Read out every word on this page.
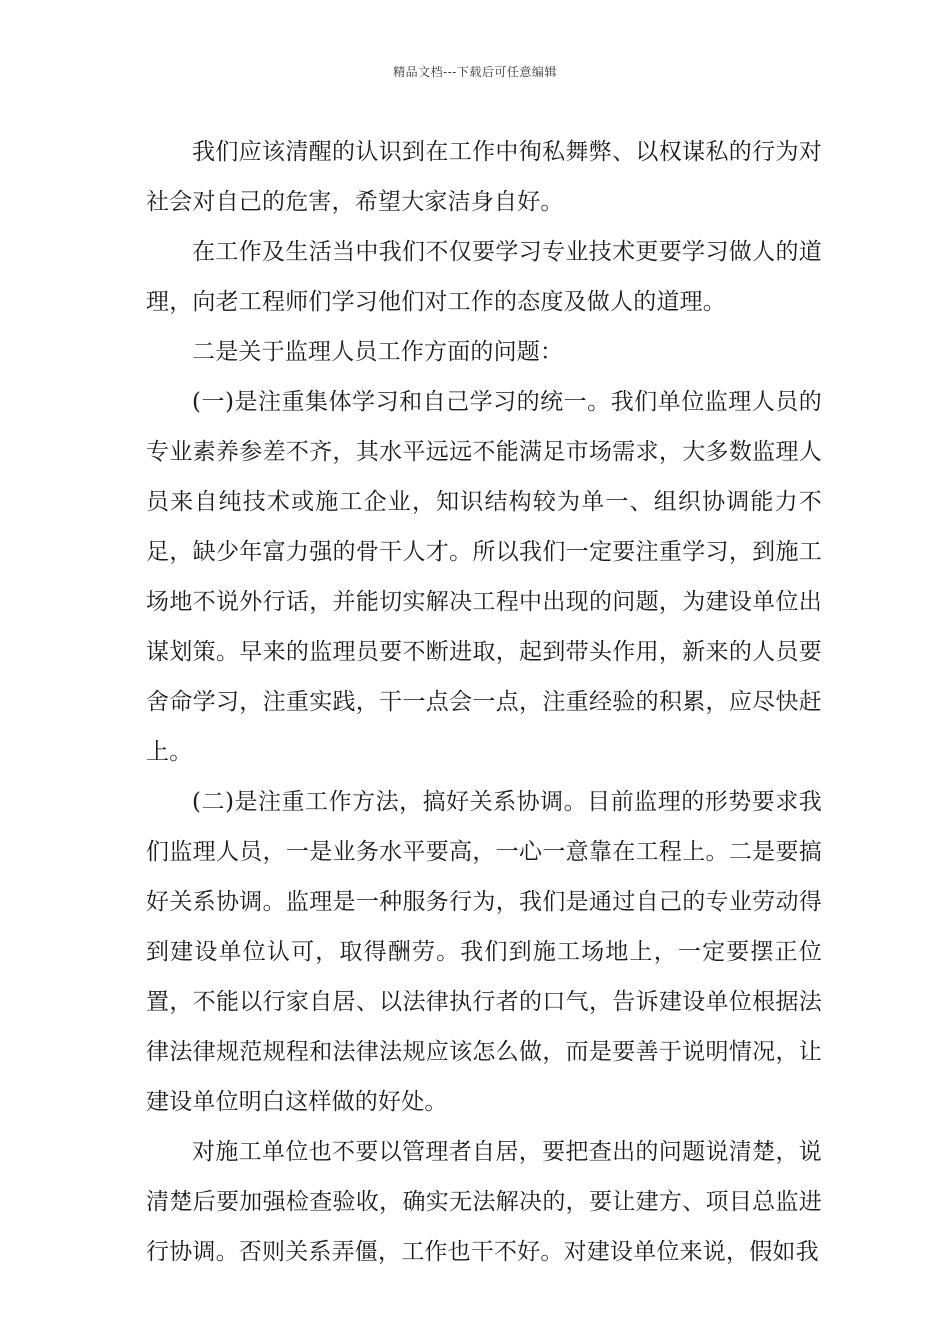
精品文档---下载后可任意编辑

我们应该清醒的认识到在工作中徇私舞弊、以权谋私的行为对社会对自己的危害，希望大家洁身自好。

在工作及生活当中我们不仅要学习专业技术更要学习做人的道理，向老工程师们学习他们对工作的态度及做人的道理。

二是关于监理人员工作方面的问题：

(一)是注重集体学习和自己学习的统一。我们单位监理人员的专业素养参差不齐，其水平远远不能满足市场需求，大多数监理人员来自纯技术或施工企业，知识结构较为单一、组织协调能力不足，缺少年富力强的骨干人才。所以我们一定要注重学习，到施工场地不说外行话，并能切实解决工程中出现的问题，为建设单位出谋划策。早来的监理员要不断进取，起到带头作用，新来的人员要舍命学习，注重实践，干一点会一点，注重经验的积累，应尽快赶上。

(二)是注重工作方法，搞好关系协调。目前监理的形势要求我们监理人员，一是业务水平要高，一心一意靠在工程上。二是要搞好关系协调。监理是一种服务行为，我们是通过自己的专业劳动得到建设单位认可，取得酬劳。我们到施工场地上，一定要摆正位置，不能以行家自居、以法律执行者的口气，告诉建设单位根据法律法律规范规程和法律法规应该怎么做，而是要善于说明情况，让建设单位明白这样做的好处。

对施工单位也不要以管理者自居，要把查出的问题说清楚，说清楚后要加强检查验收，确实无法解决的，要让建方、项目总监进行协调。否则关系弄僵，工作也干不好。对建设单位来说，假如我
